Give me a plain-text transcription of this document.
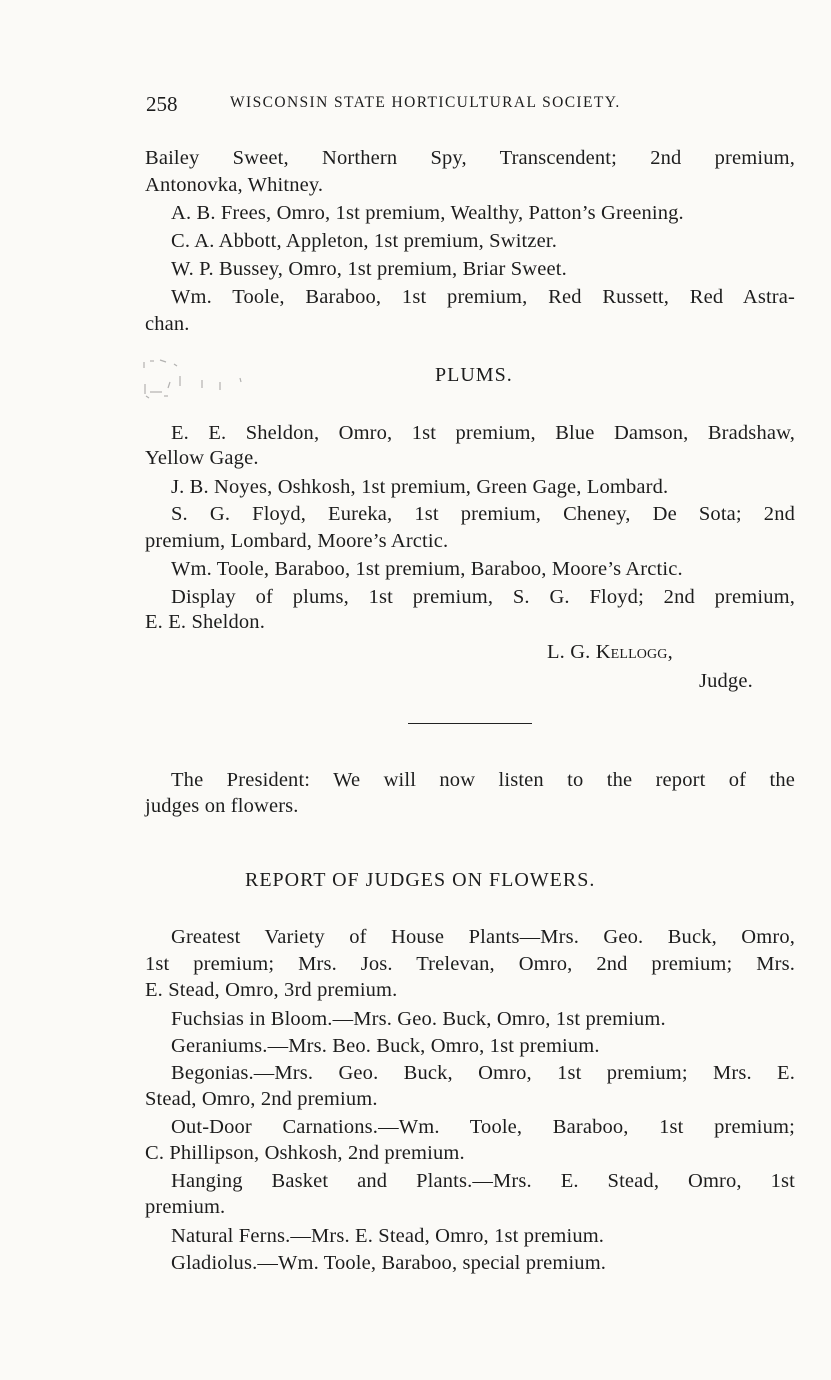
258	WISCONSIN STATE HORTICULTURAL SOCIETY.
Bailey Sweet, Northern Spy, Transcendent; 2nd premium,
Antonovka, Whitney.
A. B. Frees, Omro, 1st premium, Wealthy, Patton’s Greening.
C. A. Abbott, Appleton, 1st premium, Switzer.
W. P. Bussey, Omro, 1st premium, Briar Sweet.
Wm. Toole, Baraboo, 1st premium, Red Russett, Red Astra-
chan.
PLUMS.
E. E. Sheldon, Omro, 1st premium, Blue Damson, Bradshaw,
Yellow Gage.
J. B. Noyes, Oshkosh, 1st premium, Green Gage, Lombard.
S. G. Floyd, Eureka, 1st premium, Cheney, De Sota; 2nd
premium, Lombard, Moore’s Arctic.
Wm. Toole, Baraboo, 1st premium, Baraboo, Moore’s Arctic.
Display of plums, 1st premium, S. G. Floyd; 2nd premium,
E. E. Sheldon.
L. G. Kellogg,
Judge.
The President: We will now listen to the report of the
judges on flowers.
REPORT OF JUDGES ON FLOWERS.
Greatest Variety of House Plants—Mrs. Geo. Buck, Omro,
1st premium; Mrs. Jos. Trelevan, Omro, 2nd premium; Mrs.
E. Stead, Omro, 3rd premium.
Fuchsias in Bloom.—Mrs. Geo. Buck, Omro, 1st premium.
Geraniums.—Mrs. Beo. Buck, Omro, 1st premium.
Begonias.—Mrs. Geo. Buck, Omro, 1st premium; Mrs. E.
Stead, Omro, 2nd premium.
Out-Door Carnations.—Wm. Toole, Baraboo, 1st premium;
C. Phillipson, Oshkosh, 2nd premium.
Hanging Basket and Plants.—Mrs. E. Stead, Omro, 1st
premium.
Natural Ferns.—Mrs. E. Stead, Omro, 1st premium.
Gladiolus.—Wm. Toole, Baraboo, special premium.
